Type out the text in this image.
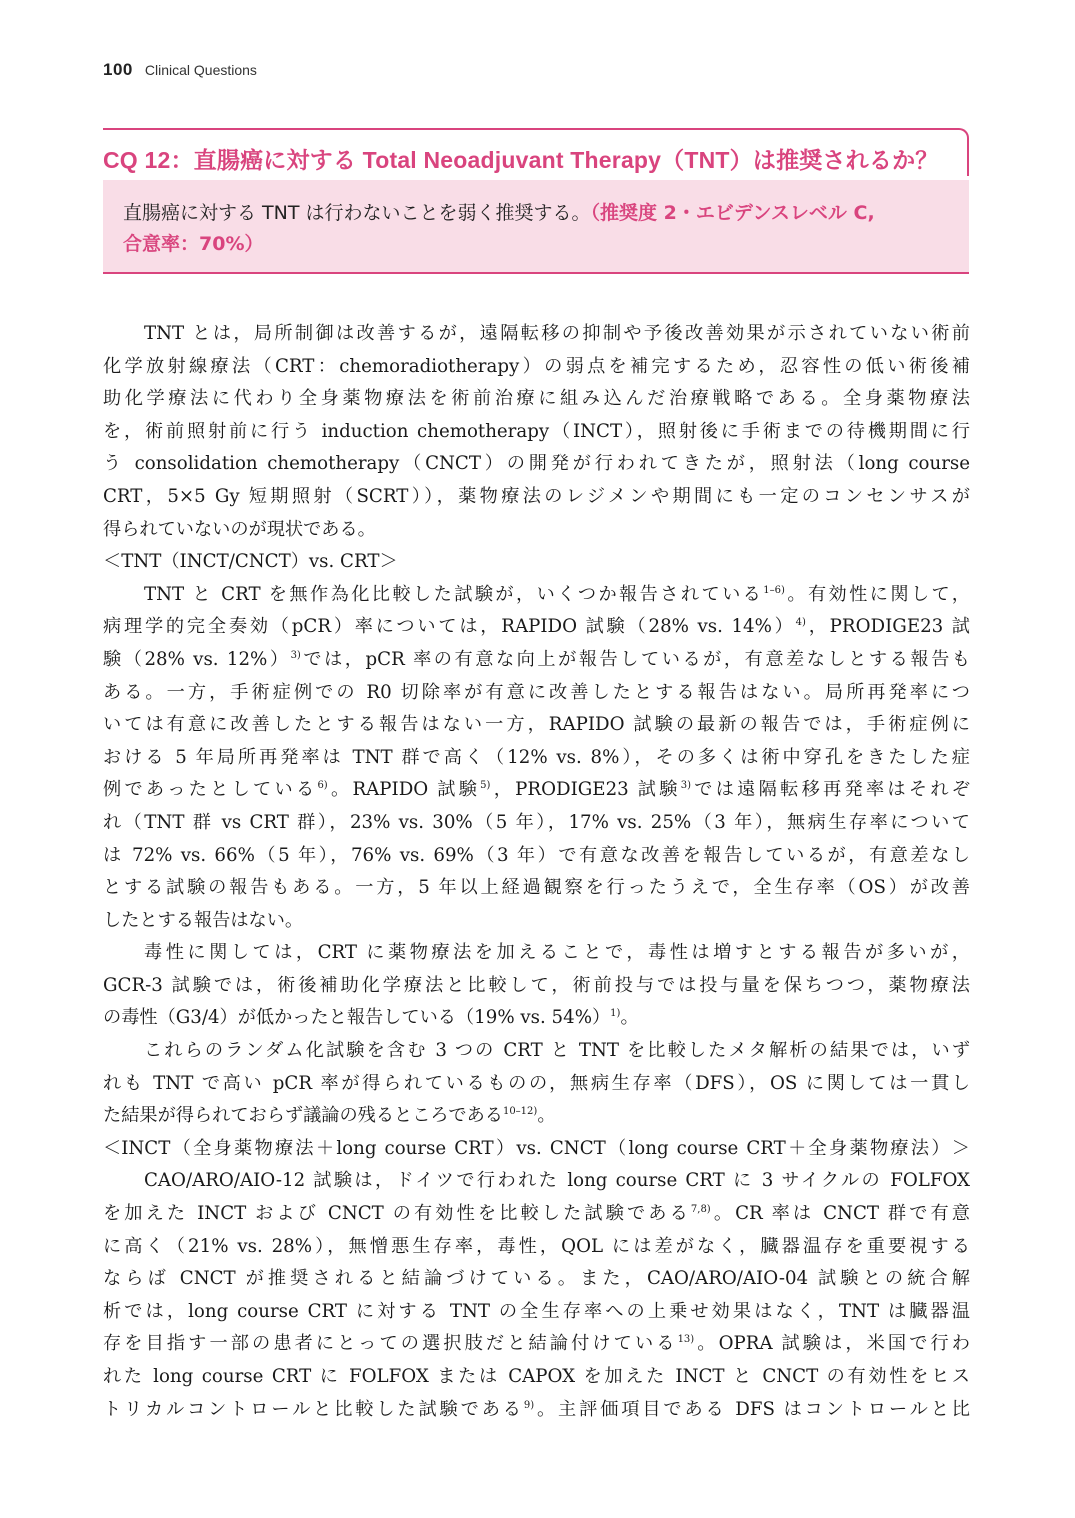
100 Clinical Questions
CQ 12：直腸癌に対する Total Neoadjuvant Therapy（TNT）は推奨されるか？
直腸癌に対する TNT は行わないことを弱く推奨する。（推奨度 2・エビデンスレベル C,
合意率：70%）
TNT とは，局所制御は改善するが，遠隔転移の抑制や予後改善効果が示されていない術前
化学放射線療法（CRT：chemoradiotherapy）の弱点を補完するため，忍容性の低い術後補
助化学療法に代わり全身薬物療法を術前治療に組み込んだ治療戦略である。全身薬物療法
を，術前照射前に行う induction chemotherapy（INCT），照射後に手術までの待機期間に行
う consolidation chemotherapy（CNCT）の開発が行われてきたが，照射法（long course
CRT，5×5 Gy 短期照射（SCRT）），薬物療法のレジメンや期間にも一定のコンセンサスが
得られていないのが現状である。
＜TNT（INCT/CNCT）vs. CRT＞
TNT と CRT を無作為化比較した試験が，いくつか報告されている$^{1-6)}$。有効性に関して，
病理学的完全奏効（pCR）率については，RAPIDO 試験（28% vs. 14%）$^{4)}$，PRODIGE23 試
験（28% vs. 12%）$^{3)}$では，pCR 率の有意な向上が報告しているが，有意差なしとする報告も
ある。一方，手術症例での R0 切除率が有意に改善したとする報告はない。局所再発率につ
いては有意に改善したとする報告はない一方，RAPIDO 試験の最新の報告では，手術症例に
おける 5 年局所再発率は TNT 群で高く（12% vs. 8%），その多くは術中穿孔をきたした症
例であったとしている$^{6)}$。RAPIDO 試験$^{5)}$，PRODIGE23 試験$^{3)}$では遠隔転移再発率はそれぞ
れ（TNT 群 vs CRT 群），23% vs. 30%（5 年），17% vs. 25%（3 年），無病生存率について
は 72% vs. 66%（5 年），76% vs. 69%（3 年）で有意な改善を報告しているが，有意差なし
とする試験の報告もある。一方，5 年以上経過観察を行ったうえで，全生存率（OS）が改善
したとする報告はない。
毒性に関しては，CRT に薬物療法を加えることで，毒性は増すとする報告が多いが，
GCR-3 試験では，術後補助化学療法と比較して，術前投与では投与量を保ちつつ，薬物療法
の毒性（G3/4）が低かったと報告している（19% vs. 54%）$^{1)}$。
これらのランダム化試験を含む 3 つの CRT と TNT を比較したメタ解析の結果では，いず
れも TNT で高い pCR 率が得られているものの，無病生存率（DFS），OS に関しては一貫し
た結果が得られておらず議論の残るところである$^{10-12)}$。
＜INCT（全身薬物療法＋long course CRT）vs. CNCT（long course CRT＋全身薬物療法）＞
CAO/ARO/AIO-12 試験は，ドイツで行われた long course CRT に 3 サイクルの FOLFOX
を加えた INCT および CNCT の有効性を比較した試験である$^{7,8)}$。CR 率は CNCT 群で有意
に高く（21% vs. 28%），無憎悪生存率，毒性，QOL には差がなく，臓器温存を重要視する
ならば CNCT が推奨されると結論づけている。また，CAO/ARO/AIO-04 試験との統合解
析では，long course CRT に対する TNT の全生存率への上乗せ効果はなく，TNT は臓器温
存を目指す一部の患者にとっての選択肢だと結論付けている$^{13)}$。OPRA 試験は，米国で行わ
れた long course CRT に FOLFOX または CAPOX を加えた INCT と CNCT の有効性をヒス
トリカルコントロールと比較した試験である$^{9)}$。主評価項目である DFS はコントロールと比
